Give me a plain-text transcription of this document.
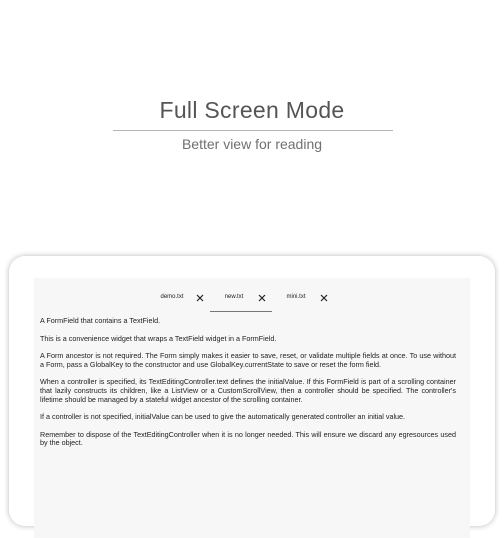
Full Screen Mode
Better view for reading
demo.txt	new.txt	mini.txt

A FormField that contains a TextField.

This is a convenience widget that wraps a TextField widget in a FormField.

A Form ancestor is not required. The Form simply makes it easier to save, reset, or validate multiple fields at once. To use without a Form, pass a GlobalKey to the constructor and use GlobalKey.currentState to save or reset the form field.

When a controller is specified, its TextEditingController.text defines the initialValue. If this FormField is part of a scrolling container that lazily constructs its children, like a ListView or a CustomScrollView, then a controller should be specified. The controller's lifetime should be managed by a stateful widget ancestor of the scrolling container.

If a controller is not specified, initialValue can be used to give the automatically generated controller an initial value.

Remember to dispose of the TextEditingController when it is no longer needed. This will ensure we discard any egresources used by the object.
